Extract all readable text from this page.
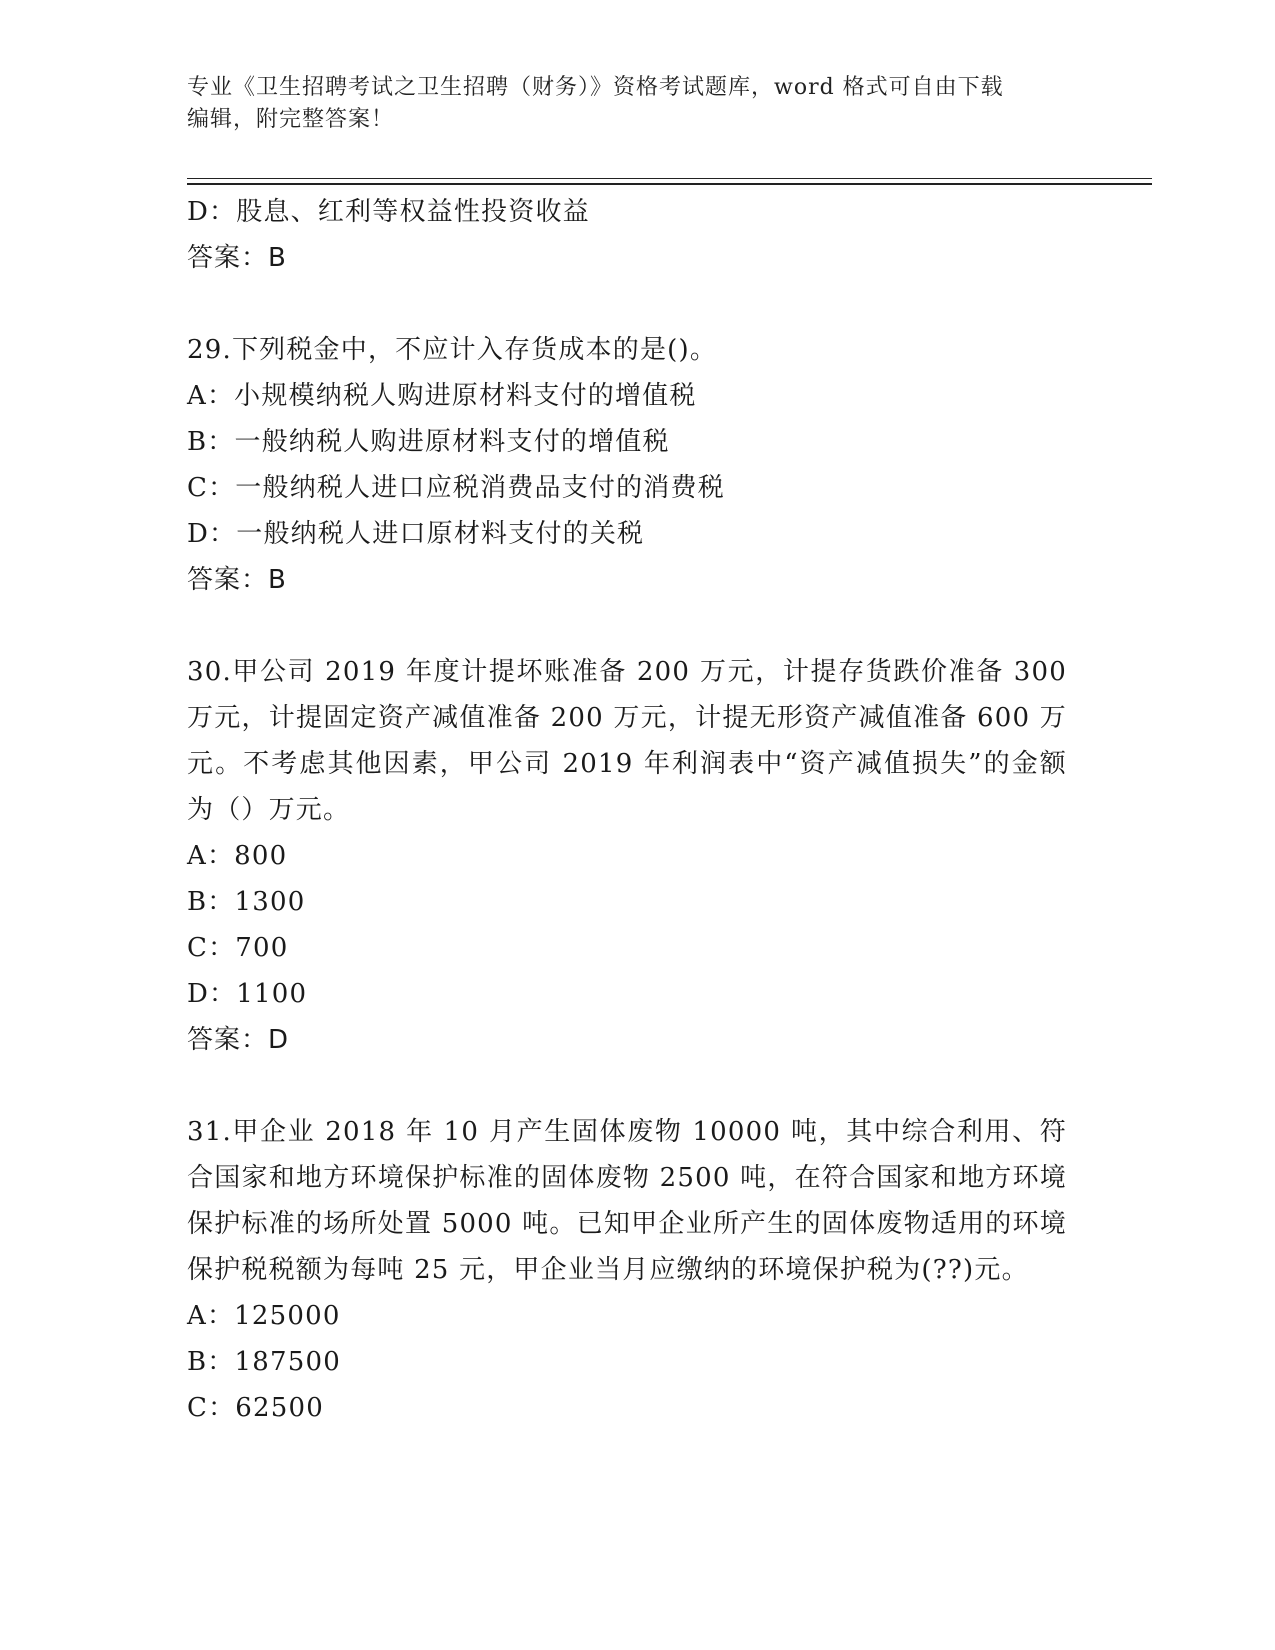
专业《卫生招聘考试之卫生招聘（财务）》资格考试题库，word 格式可自由下载
编辑，附完整答案！
D：股息、红利等权益性投资收益
答案：B
29.下列税金中，不应计入存货成本的是()。
A：小规模纳税人购进原材料支付的增值税
B：一般纳税人购进原材料支付的增值税
C：一般纳税人进口应税消费品支付的消费税
D：一般纳税人进口原材料支付的关税
答案：B
30.甲公司 2019 年度计提坏账准备 200 万元，计提存货跌价准备 300 万元，计提固定资产减值准备 200 万元，计提无形资产减值准备 600 万元。不考虑其他因素，甲公司 2019 年利润表中“资产减值损失”的金额为（）万元。
A：800
B：1300
C：700
D：1100
答案：D
31.甲企业 2018 年 10 月产生固体废物 10000 吨，其中综合利用、符合国家和地方环境保护标准的固体废物 2500 吨，在符合国家和地方环境保护标准的场所处置 5000 吨。已知甲企业所产生的固体废物适用的环境保护税税额为每吨 25 元，甲企业当月应缴纳的环境保护税为(??)元。
A：125000
B：187500
C：62500
